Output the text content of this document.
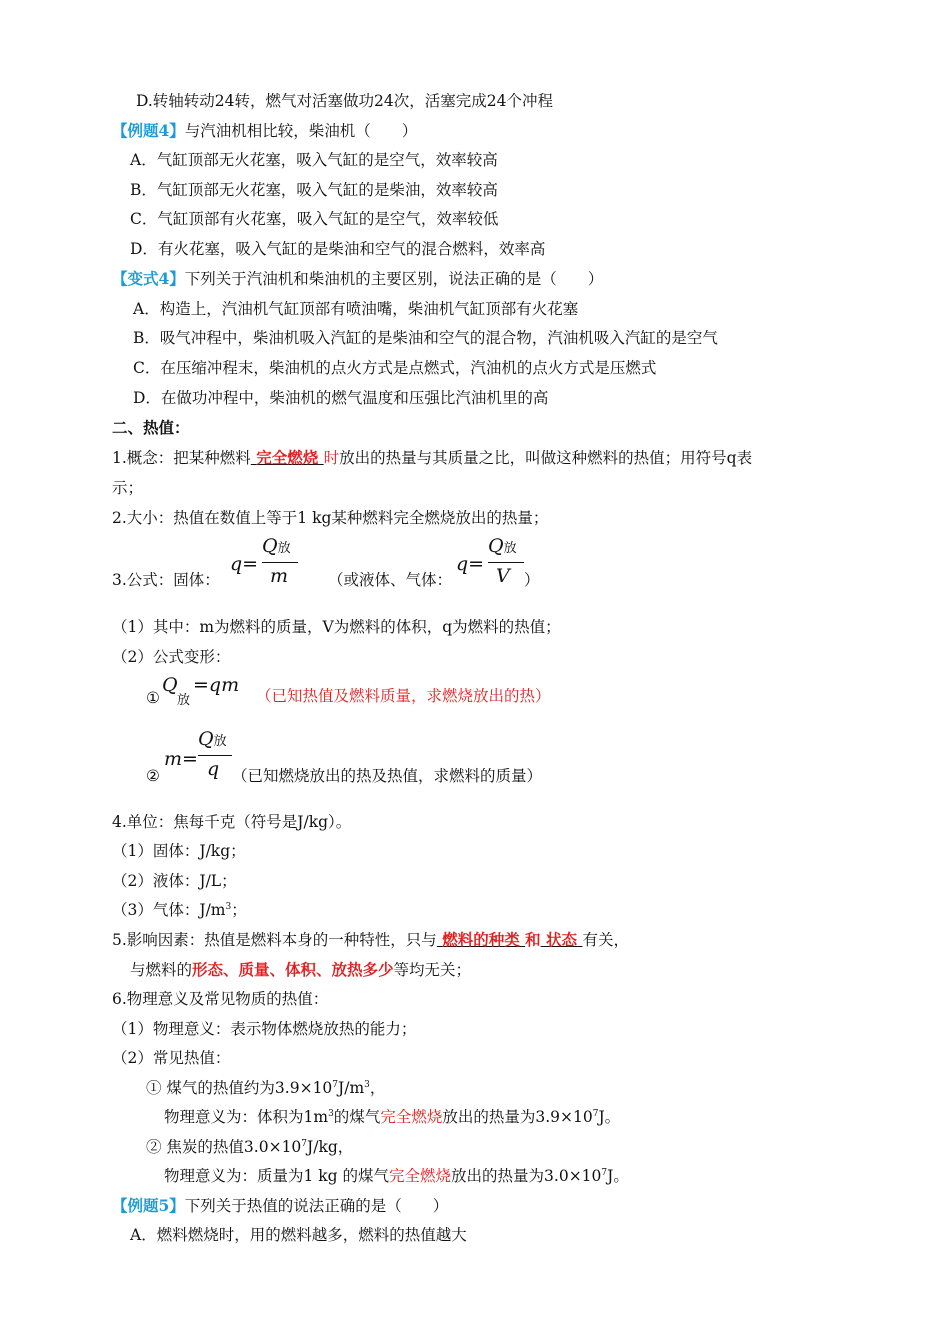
D.转轴转动24转，燃气对活塞做功24次，活塞完成24个冲程
【例题4】与汽油机相比较，柴油机（　　）
A．气缸顶部无火花塞，吸入气缸的是空气，效率较高
B．气缸顶部无火花塞，吸入气缸的是柴油，效率较高
C．气缸顶部有火花塞，吸入气缸的是空气，效率较低
D．有火花塞，吸入气缸的是柴油和空气的混合燃料，效率高
【变式4】下列关于汽油机和柴油机的主要区别，说法正确的是（　　）
A．构造上，汽油机气缸顶部有喷油嘴，柴油机气缸顶部有火花塞
B．吸气冲程中，柴油机吸入汽缸的是柴油和空气的混合物，汽油机吸入汽缸的是空气
C．在压缩冲程末，柴油机的点火方式是点燃式，汽油机的点火方式是压燃式
D．在做功冲程中，柴油机的燃气温度和压强比汽油机里的高
二、热值：
1.概念：把某种燃料 完全燃烧 时放出的热量与其质量之比，叫做这种燃料的热值；用符号q表
示；
2.大小：热值在数值上等于1 kg某种燃料完全燃烧放出的热量；
3.公式：固体：
q=
Q放
m	（或液体、气体：
q=
Q放
V ）
（1）其中：m为燃料的质量，V为燃料的体积，q为燃料的热值；
（2）公式变形：
①
Q
放
=qm （已知热值及燃料质量，求燃烧放出的热）
②
m=
Q放
q （已知燃烧放出的热及热值，求燃料的质量）
4.单位：焦每千克（符号是J/kg）。
（1）固体：J/kg；
（2）液体：J/L；
（3）气体：$J/m^3$；
5.影响因素：热值是燃料本身的一种特性，只与 燃料的种类 和 状态 有关，
与燃料的形态、质量、体积、放热多少等均无关；
6.物理意义及常见物质的热值：
（1）物理意义：表示物体燃烧放热的能力；
（2）常见热值：
① 煤气的热值约为$3.9\times 10^7J/m^3$，
物理意义为：体积为$1m^3$的煤气完全燃烧放出的热量为$3.9\times 10^7J$。
② 焦炭的热值$3.0\times 10^7J/kg$，
物理意义为：质量为1 kg 的煤气完全燃烧放出的热量为$3.0\times 10^7J$。
【例题5】下列关于热值的说法正确的是（　　）
A．燃料燃烧时，用的燃料越多，燃料的热值越大
